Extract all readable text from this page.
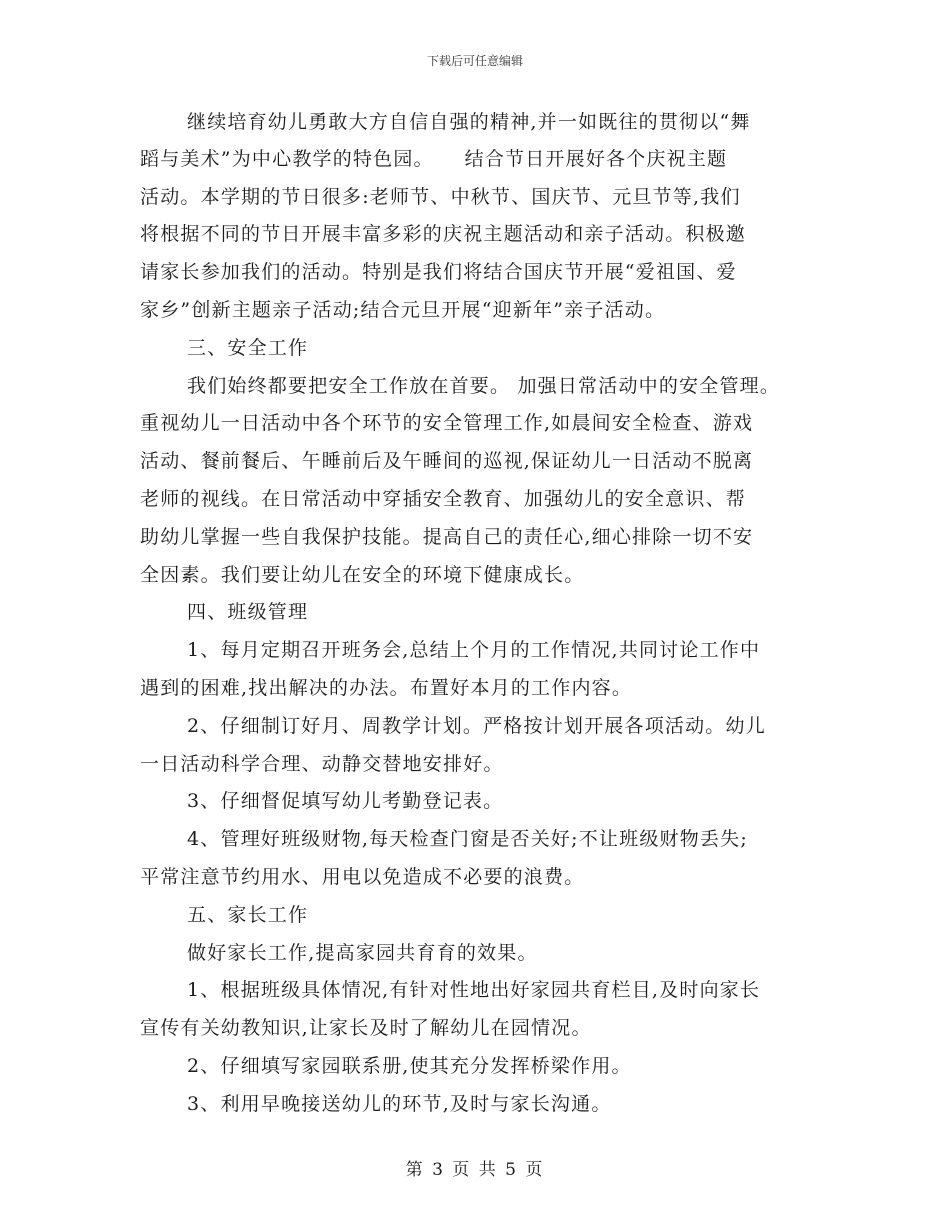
下载后可任意编辑
继续培育幼儿勇敢大方自信自强的精神,并一如既往的贯彻以“舞
蹈与美术”为中心教学的特色园。　　结合节日开展好各个庆祝主题
活动。本学期的节日很多:老师节、中秋节、国庆节、元旦节等,我们
将根据不同的节日开展丰富多彩的庆祝主题活动和亲子活动。积极邀
请家长参加我们的活动。特别是我们将结合国庆节开展“爱祖国、爱
家乡”创新主题亲子活动;结合元旦开展“迎新年”亲子活动。
三、安全工作
我们始终都要把安全工作放在首要。 加强日常活动中的安全管理。
重视幼儿一日活动中各个环节的安全管理工作,如晨间安全检查、游戏
活动、餐前餐后、午睡前后及午睡间的巡视,保证幼儿一日活动不脱离
老师的视线。在日常活动中穿插安全教育、加强幼儿的安全意识、帮
助幼儿掌握一些自我保护技能。提高自己的责任心,细心排除一切不安
全因素。我们要让幼儿在安全的环境下健康成长。
四、班级管理
1、每月定期召开班务会,总结上个月的工作情况,共同讨论工作中
遇到的困难,找出解决的办法。布置好本月的工作内容。
2、仔细制订好月、周教学计划。严格按计划开展各项活动。幼儿
一日活动科学合理、动静交替地安排好。
3、仔细督促填写幼儿考勤登记表。
4、管理好班级财物,每天检查门窗是否关好;不让班级财物丢失;
平常注意节约用水、用电以免造成不必要的浪费。
五、家长工作
做好家长工作,提高家园共育育的效果。
1、根据班级具体情况,有针对性地出好家园共育栏目,及时向家长
宣传有关幼教知识,让家长及时了解幼儿在园情况。
2、仔细填写家园联系册,使其充分发挥桥梁作用。
3、利用早晚接送幼儿的环节,及时与家长沟通。
第 3 页 共 5 页
